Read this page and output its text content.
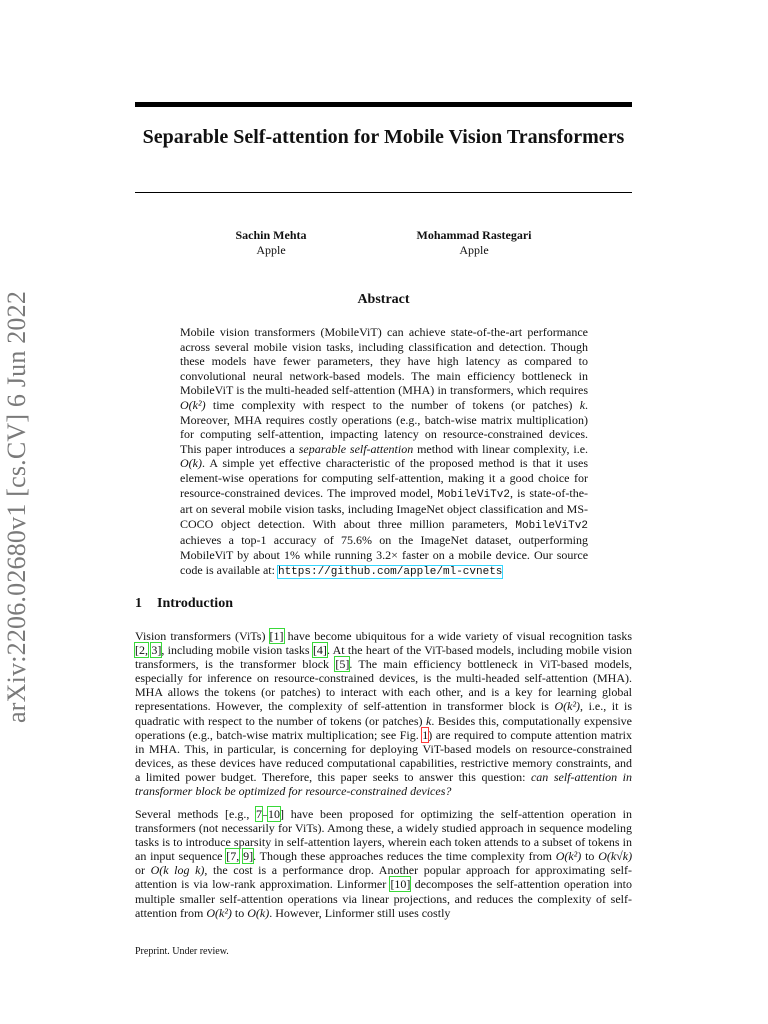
arXiv:2206.02680v1 [cs.CV] 6 Jun 2022
Separable Self-attention for Mobile Vision Transformers
Sachin Mehta
Apple
Mohammad Rastegari
Apple
Abstract

Mobile vision transformers (MobileViT) can achieve state-of-the-art performance across several mobile vision tasks, including classification and detection. Though these models have fewer parameters, they have high latency as compared to convolutional neural network-based models. The main efficiency bottleneck in MobileViT is the multi-headed self-attention (MHA) in transformers, which requires O(k²) time complexity with respect to the number of tokens (or patches) k. Moreover, MHA requires costly operations (e.g., batch-wise matrix multiplication) for computing self-attention, impacting latency on resource-constrained devices. This paper introduces a separable self-attention method with linear complexity, i.e. O(k). A simple yet effective characteristic of the proposed method is that it uses element-wise operations for computing self-attention, making it a good choice for resource-constrained devices. The improved model, MobileViTv2, is state-of-the-art on several mobile vision tasks, including ImageNet object classification and MS-COCO object detection. With about three million parameters, MobileViTv2 achieves a top-1 accuracy of 75.6% on the ImageNet dataset, outperforming MobileViT by about 1% while running 3.2× faster on a mobile device. Our source code is available at: https://github.com/apple/ml-cvnets

1 Introduction

Vision transformers (ViTs) [1] have become ubiquitous for a wide variety of visual recognition tasks [2, 3], including mobile vision tasks [4]. At the heart of the ViT-based models, including mobile vision transformers, is the transformer block [5]. The main efficiency bottleneck in ViT-based models, especially for inference on resource-constrained devices, is the multi-headed self-attention (MHA). MHA allows the tokens (or patches) to interact with each other, and is a key for learning global representations. However, the complexity of self-attention in transformer block is O(k²), i.e., it is quadratic with respect to the number of tokens (or patches) k. Besides this, computationally expensive operations (e.g., batch-wise matrix multiplication; see Fig. 1) are required to compute attention matrix in MHA. This, in particular, is concerning for deploying ViT-based models on resource-constrained devices, as these devices have reduced computational capabilities, restrictive memory constraints, and a limited power budget. Therefore, this paper seeks to answer this question: can self-attention in transformer block be optimized for resource-constrained devices?

Several methods [e.g., 7–10] have been proposed for optimizing the self-attention operation in transformers (not necessarily for ViTs). Among these, a widely studied approach in sequence modeling tasks is to introduce sparsity in self-attention layers, wherein each token attends to a subset of tokens in an input sequence [7, 9]. Though these approaches reduces the time complexity from O(k²) to O(k√k) or O(k log k), the cost is a performance drop. Another popular approach for approximating self-attention is via low-rank approximation. Linformer [10] decomposes the self-attention operation into multiple smaller self-attention operations via linear projections, and reduces the complexity of self-attention from O(k²) to O(k). However, Linformer still uses costly

Preprint. Under review.
